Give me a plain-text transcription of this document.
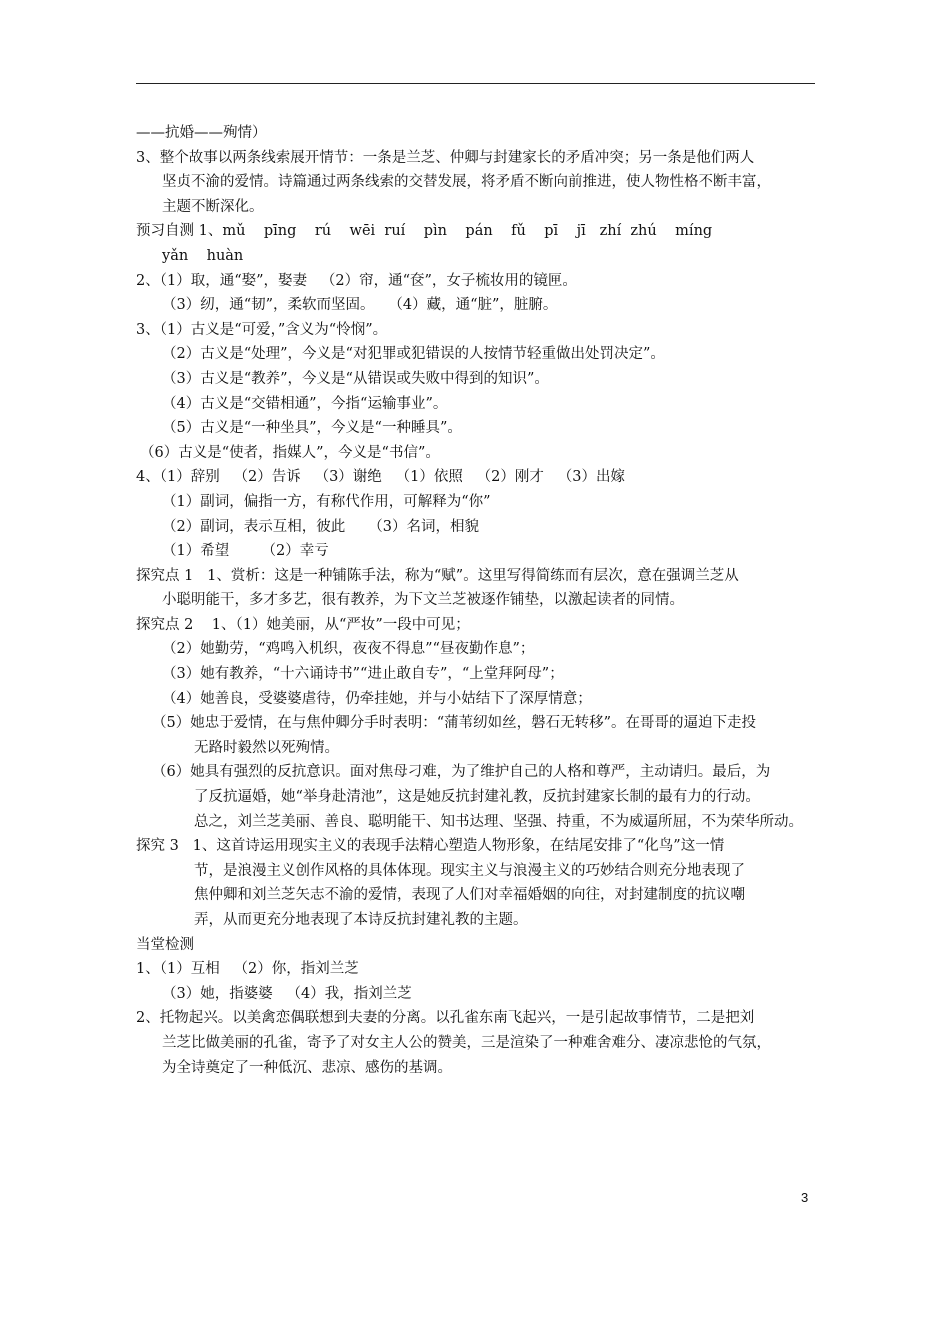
——抗婚——殉情）
3、整个故事以两条线索展开情节：一条是兰芝、仲卿与封建家长的矛盾冲突；另一条是他们两人
坚贞不渝的爱情。诗篇通过两条线索的交替发展，将矛盾不断向前推进，使人物性格不断丰富，
主题不断深化。
预习自测 1、mǔ    pīng    rú    wēi  ruí    pìn    pán    fǔ    pī    jī   zhí  zhú    míng
yǎn    huàn
2、（1）取，通“娶”，娶妻   （2）帘，通“奁”，女子梳妆用的镜匣。
（3）纫，通“韧”，柔软而坚固。   （4）藏，通“脏”，脏腑。
3、（1）古义是“可爱，”含义为“怜悯”。
（2）古义是“处理”，今义是“对犯罪或犯错误的人按情节轻重做出处罚决定”。
（3）古义是“教养”，今义是“从错误或失败中得到的知识”。
（4）古义是“交错相通”，今指“运输事业”。
（5）古义是“一种坐具”，今义是“一种睡具”。
（6）古义是“使者，指媒人”，今义是“书信”。
4、（1）辞别   （2）告诉   （3）谢绝   （1）依照   （2）刚才   （3）出嫁
（1）副词，偏指一方，有称代作用，可解释为“你”
（2）副词，表示互相，彼此     （3）名词，相貌
（1）希望       （2）幸亏
探究点 1   1、赏析：这是一种铺陈手法，称为“赋”。这里写得简练而有层次，意在强调兰芝从
小聪明能干，多才多艺，很有教养，为下文兰芝被逐作铺垫，以激起读者的同情。
探究点 2    1、（1）她美丽，从“严妆”一段中可见；
（2）她勤劳，“鸡鸣入机织，夜夜不得息”“昼夜勤作息”；
（3）她有教养，“十六诵诗书”“进止敢自专”，“上堂拜阿母”；
（4）她善良，受婆婆虐待，仍牵挂她，并与小姑结下了深厚情意；
（5）她忠于爱情，在与焦仲卿分手时表明：“蒲苇纫如丝，磐石无转移”。在哥哥的逼迫下走投
无路时毅然以死殉情。
（6）她具有强烈的反抗意识。面对焦母刁难，为了维护自己的人格和尊严，主动请归。最后，为
了反抗逼婚，她“举身赴清池”，这是她反抗封建礼教，反抗封建家长制的最有力的行动。
总之，刘兰芝美丽、善良、聪明能干、知书达理、坚强、持重，不为威逼所屈，不为荣华所动。
探究 3   1、这首诗运用现实主义的表现手法精心塑造人物形象，在结尾安排了“化鸟”这一情
节，是浪漫主义创作风格的具体体现。现实主义与浪漫主义的巧妙结合则充分地表现了
焦仲卿和刘兰芝矢志不渝的爱情，表现了人们对幸福婚姻的向往，对封建制度的抗议嘲
弄，从而更充分地表现了本诗反抗封建礼教的主题。
当堂检测
1、（1）互相   （2）你，指刘兰芝
（3）她，指婆婆   （4）我，指刘兰芝
2、托物起兴。以美禽恋偶联想到夫妻的分离。以孔雀东南飞起兴，一是引起故事情节，二是把刘
兰芝比做美丽的孔雀，寄予了对女主人公的赞美，三是渲染了一种难舍难分、凄凉悲怆的气氛，
为全诗奠定了一种低沉、悲凉、感伤的基调。
3
